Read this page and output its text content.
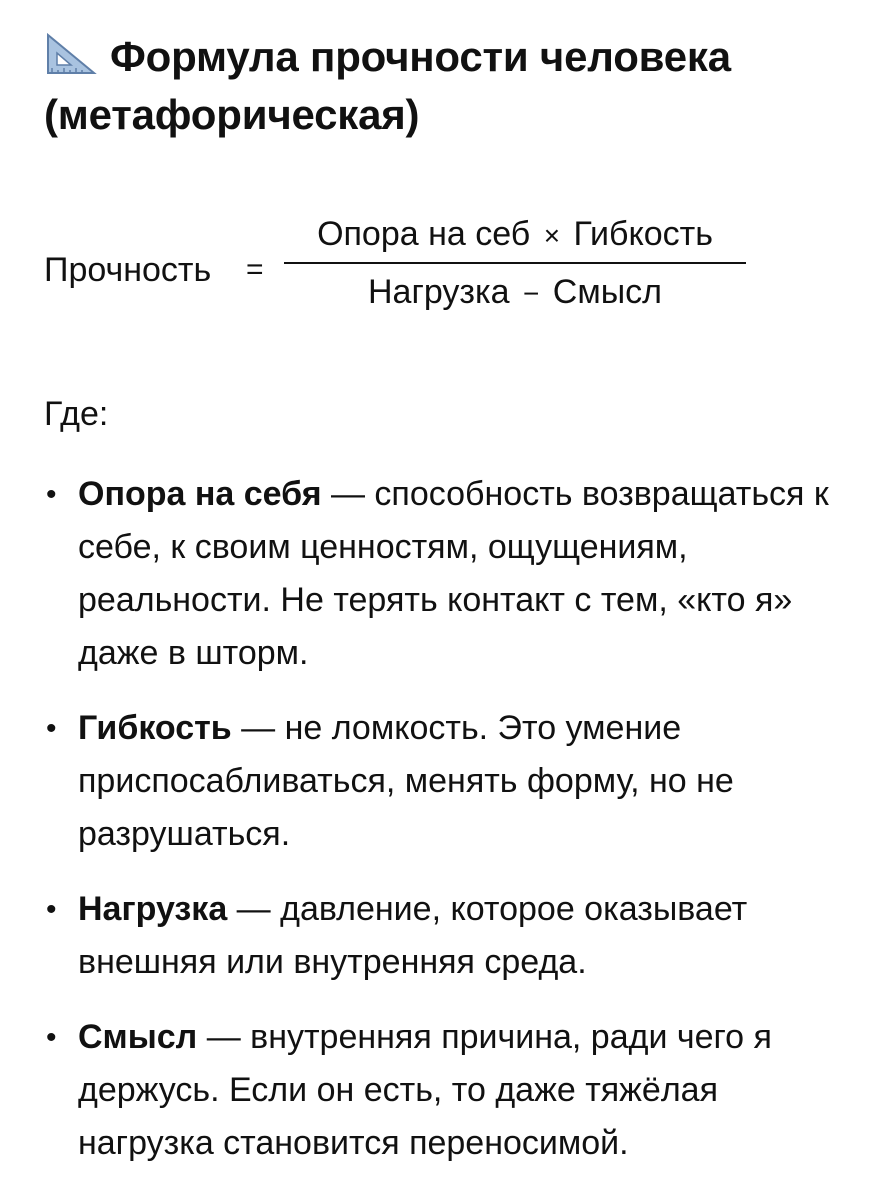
Формула прочности человека (метафорическая)
Прочность =
Опора на себ × Гибкость
Нагрузка − Смысл
Где:
• Опора на себя — способность возвращаться к себе, к своим ценностям, ощущениям, реальности. Не терять контакт с тем, «кто я» даже в шторм.
• Гибкость — не ломкость. Это умение приспосабливаться, менять форму, но не разрушаться.
• Нагрузка — давление, которое оказывает внешняя или внутренняя среда.
• Смысл — внутренняя причина, ради чего я держусь. Если он есть, то даже тяжёлая нагрузка становится переносимой.
